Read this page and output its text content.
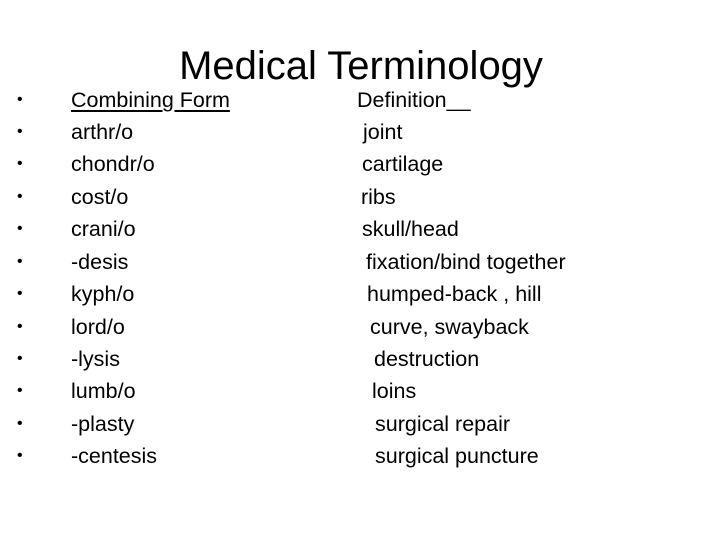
Medical Terminology
• Combining Form	Definition__
• arthr/o	joint
• chondr/o	cartilage
• cost/o	ribs
• crani/o	skull/head
• -desis	fixation/bind together
• kyph/o	humped-back , hill
• lord/o	curve, swayback
• -lysis	destruction
• lumb/o	loins
• -plasty	surgical repair
• -centesis	surgical puncture
